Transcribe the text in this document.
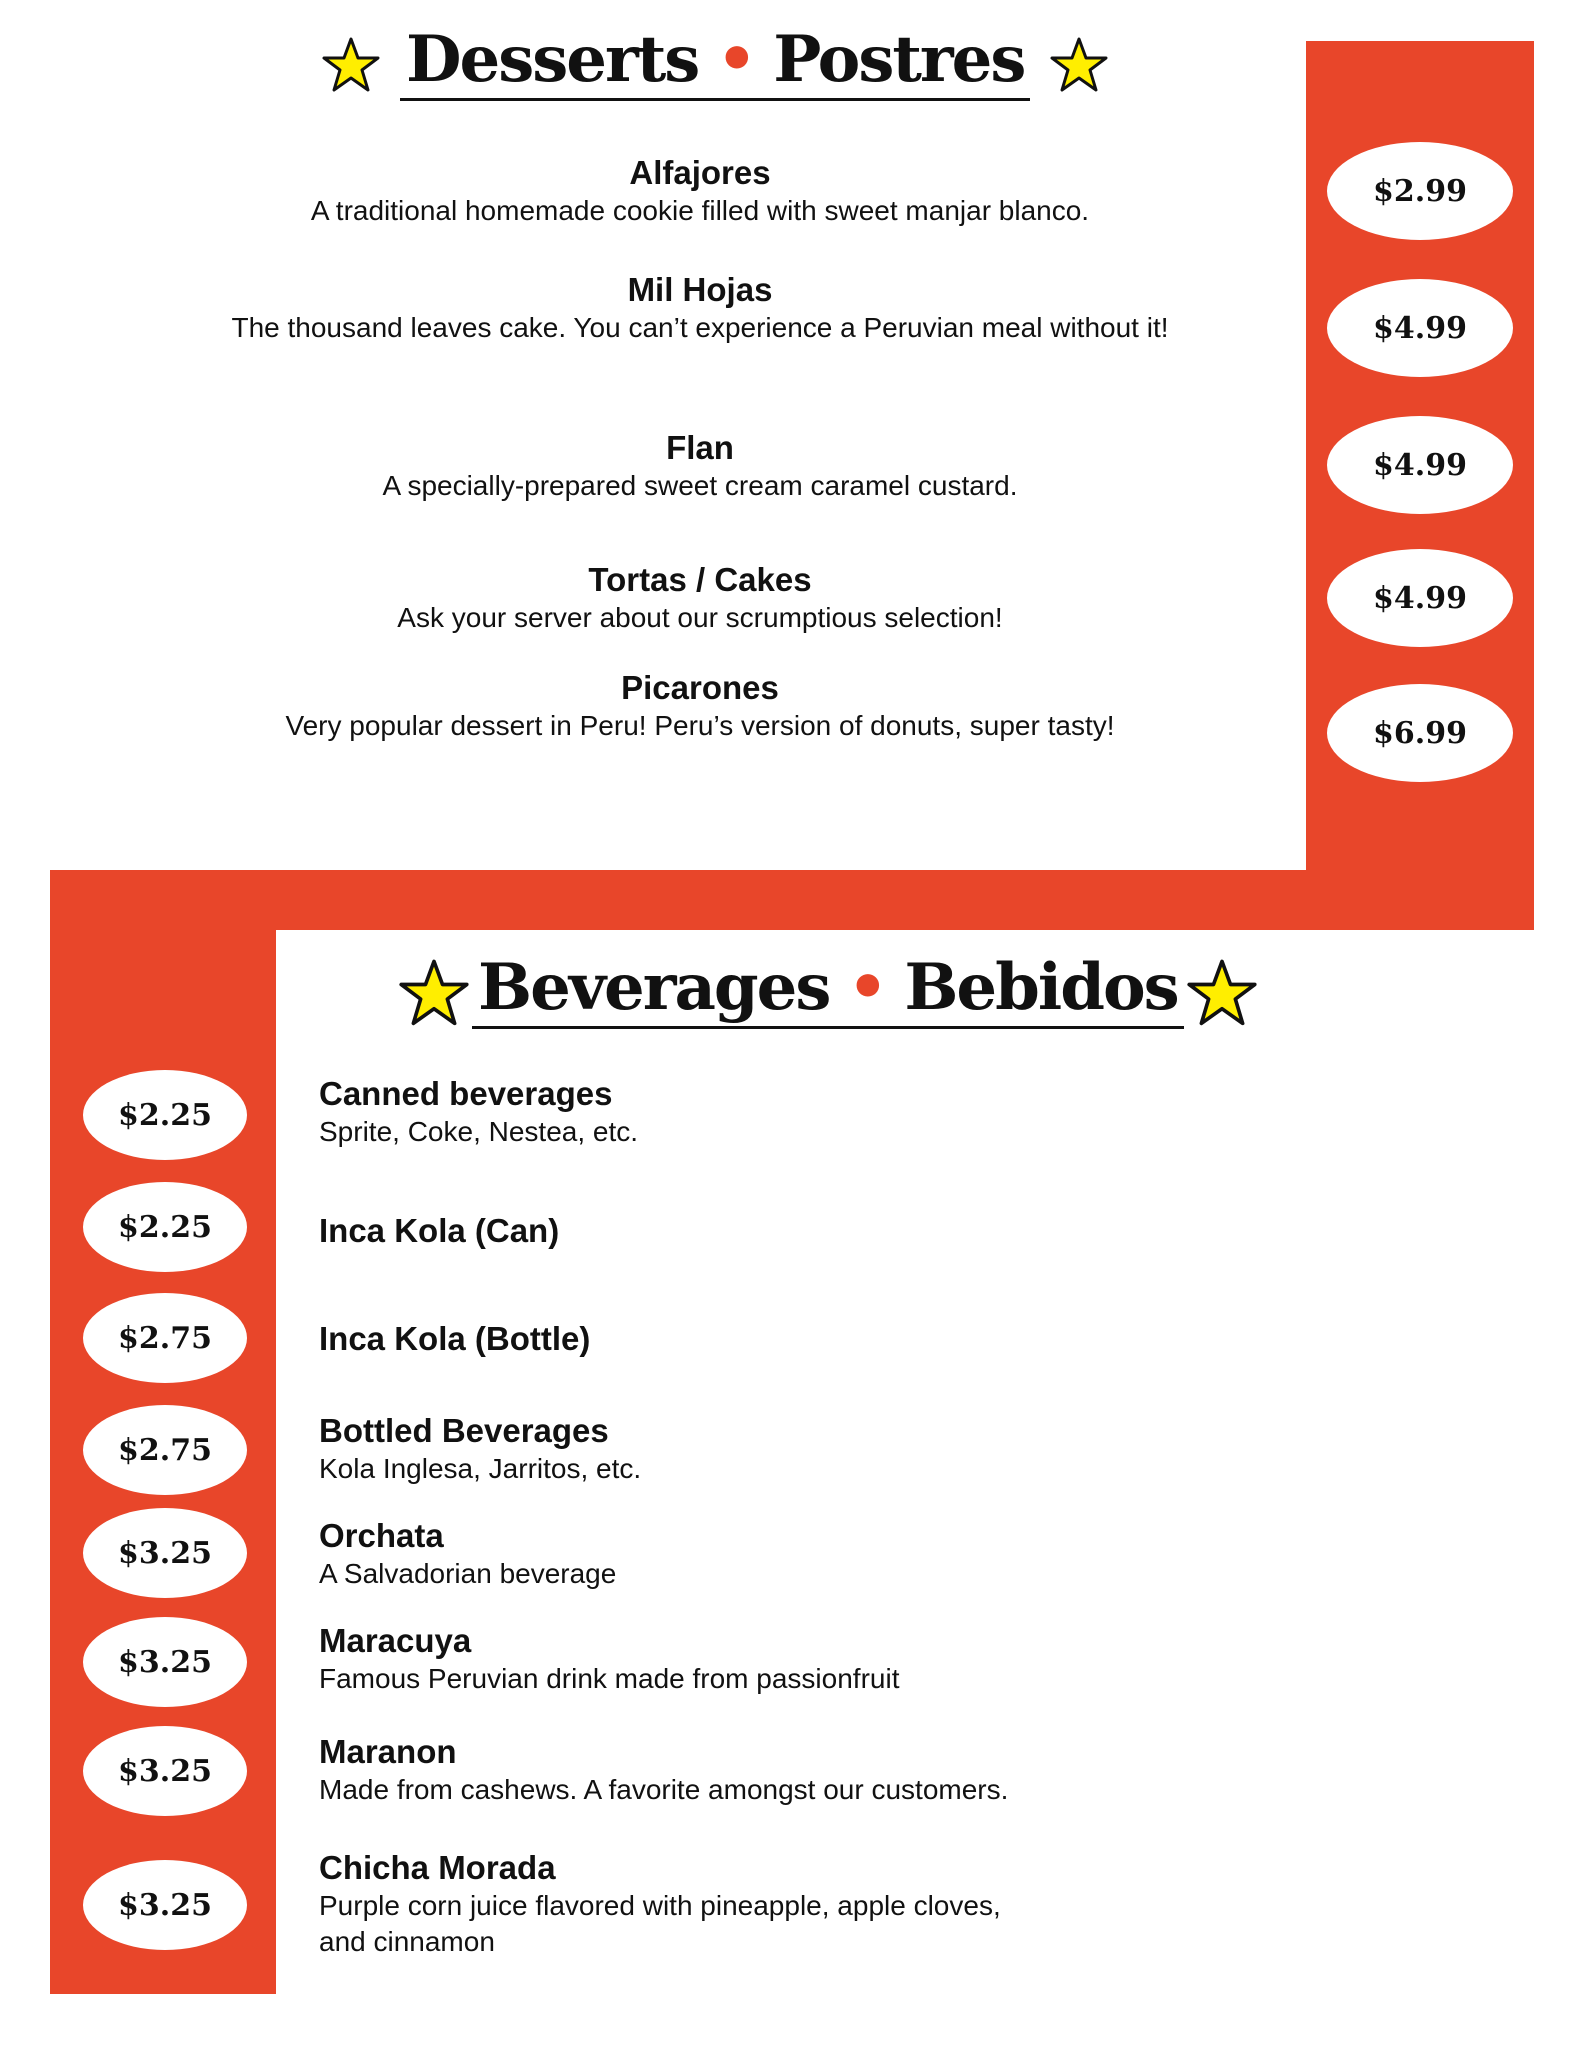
Desserts • Postres
Alfajores
A traditional homemade cookie filled with sweet manjar blanco.
Mil Hojas
The thousand leaves cake. You can’t experience a Peruvian meal without it!
Flan
A specially-prepared sweet cream caramel custard.
Tortas / Cakes
Ask your server about our scrumptious selection!
Picarones
Very popular dessert in Peru! Peru’s version of donuts, super tasty!
$2.99
$4.99
$4.99
$4.99
$6.99
Beverages • Bebidos
Canned beverages
Sprite, Coke, Nestea, etc.
Inca Kola (Can)
Inca Kola (Bottle)
Bottled Beverages
Kola Inglesa, Jarritos, etc.
Orchata
A Salvadorian beverage
Maracuya
Famous Peruvian drink made from passionfruit
Maranon
Made from cashews. A favorite amongst our customers.
Chicha Morada
Purple corn juice flavored with pineapple, apple cloves,
and cinnamon
$2.25
$2.25
$2.75
$2.75
$3.25
$3.25
$3.25
$3.25
